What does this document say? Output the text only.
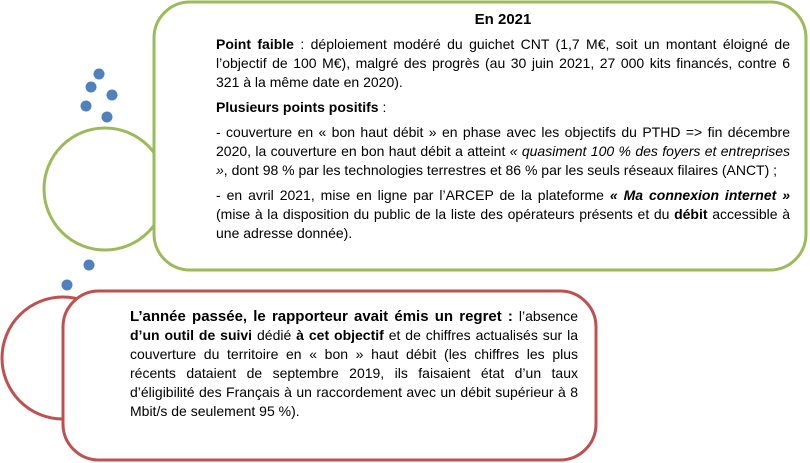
En 2021

Point faible : déploiement modéré du guichet CNT (1,7 M€, soit un montant éloigné de l’objectif de 100 M€), malgré des progrès (au 30 juin 2021, 27 000 kits financés, contre 6 321 à la même date en 2020).

Plusieurs points positifs :

- couverture en « bon haut débit » en phase avec les objectifs du PTHD => fin décembre 2020, la couverture en bon haut débit a atteint « quasiment 100 % des foyers et entreprises », dont 98 % par les technologies terrestres et 86 % par les seuls réseaux filaires (ANCT) ;

- en avril 2021, mise en ligne par l’ARCEP de la plateforme « Ma connexion internet » (mise à la disposition du public de la liste des opérateurs présents et du débit accessible à une adresse donnée).

L’année passée, le rapporteur avait émis un regret : l’absence d’un outil de suivi dédié à cet objectif et de chiffres actualisés sur la couverture du territoire en « bon » haut débit (les chiffres les plus récents dataient de septembre 2019, ils faisaient état d’un taux d’éligibilité des Français à un raccordement avec un débit supérieur à 8 Mbit/s de seulement 95 %).
